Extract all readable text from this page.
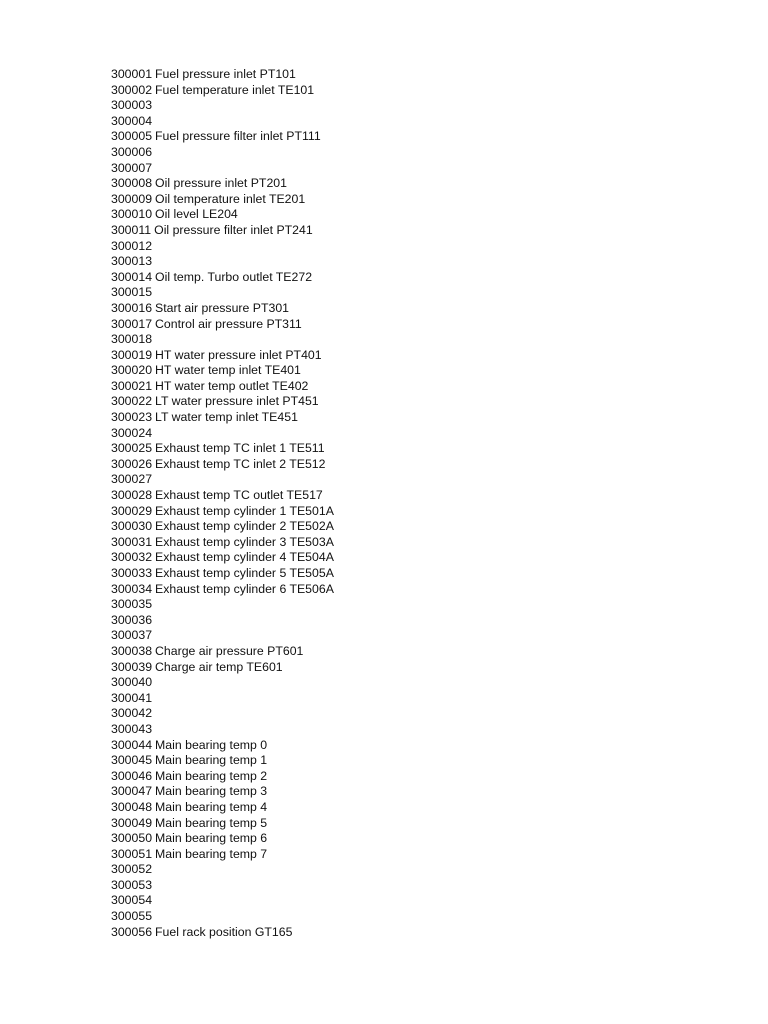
300001 Fuel pressure inlet PT101
300002 Fuel temperature inlet TE101
300003
300004
300005 Fuel pressure filter inlet PT111
300006
300007
300008 Oil pressure inlet PT201
300009 Oil temperature inlet TE201
300010 Oil level LE204
300011 Oil pressure filter inlet PT241
300012
300013
300014 Oil temp. Turbo outlet TE272
300015
300016 Start air pressure PT301
300017 Control air pressure PT311
300018
300019 HT water pressure inlet PT401
300020 HT water temp inlet TE401
300021 HT water temp outlet TE402
300022 LT water pressure inlet PT451
300023 LT water temp inlet TE451
300024
300025 Exhaust temp TC inlet 1 TE511
300026 Exhaust temp TC inlet 2 TE512
300027
300028 Exhaust temp TC outlet TE517
300029 Exhaust temp cylinder 1 TE501A
300030 Exhaust temp cylinder 2 TE502A
300031 Exhaust temp cylinder 3 TE503A
300032 Exhaust temp cylinder 4 TE504A
300033 Exhaust temp cylinder 5 TE505A
300034 Exhaust temp cylinder 6 TE506A
300035
300036
300037
300038 Charge air pressure PT601
300039 Charge air temp TE601
300040
300041
300042
300043
300044 Main bearing temp 0
300045 Main bearing temp 1
300046 Main bearing temp 2
300047 Main bearing temp 3
300048 Main bearing temp 4
300049 Main bearing temp 5
300050 Main bearing temp 6
300051 Main bearing temp 7
300052
300053
300054
300055
300056 Fuel rack position GT165
